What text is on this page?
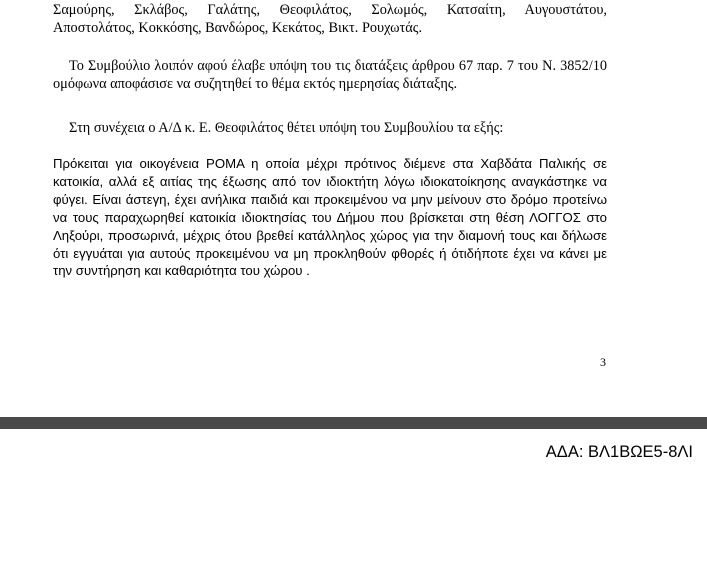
Σαμούρης, Σκλάβος, Γαλάτης, Θεοφιλάτος, Σολωμός, Κατσαίτη, Αυγουστάτου,
Αποστολάτος, Κοκκόσης, Βανδώρος, Κεκάτος, Βικτ. Ρουχωτάς.
Το Συμβούλιο λοιπόν αφού έλαβε υπόψη του τις διατάξεις άρθρου 67 παρ. 7 του Ν. 3852/10 ομόφωνα αποφάσισε να συζητηθεί το θέμα εκτός ημερησίας διάταξης.
Στη συνέχεια ο Α/Δ κ. Ε. Θεοφιλάτος θέτει υπόψη του Συμβουλίου τα εξής:
Πρόκειται για οικογένεια ΡΟΜΑ η οποία μέχρι πρότινος διέμενε στα Χαβδάτα Παλικής σε κατοικία, αλλά εξ αιτίας της έξωσης από τον ιδιοκτήτη λόγω ιδιοκατοίκησης αναγκάστηκε να φύγει. Είναι άστεγη, έχει ανήλικα παιδιά και προκειμένου να μην μείνουν στο δρόμο προτείνω να τους παραχωρηθεί κατοικία ιδιοκτησίας του Δήμου που βρίσκεται στη θέση ΛΟΓΓΟΣ στο Ληξούρι, προσωρινά, μέχρις ότου βρεθεί κατάλληλος χώρος για την διαμονή τους και δήλωσε ότι εγγυάται για αυτούς προκειμένου να μη προκληθούν φθορές ή ότιδήποτε έχει να κάνει με την συντήρηση και καθαριότητα του χώρου .
3
ΑΔΑ: ΒΛ1ΒΩΕ5-8ΛΙ
